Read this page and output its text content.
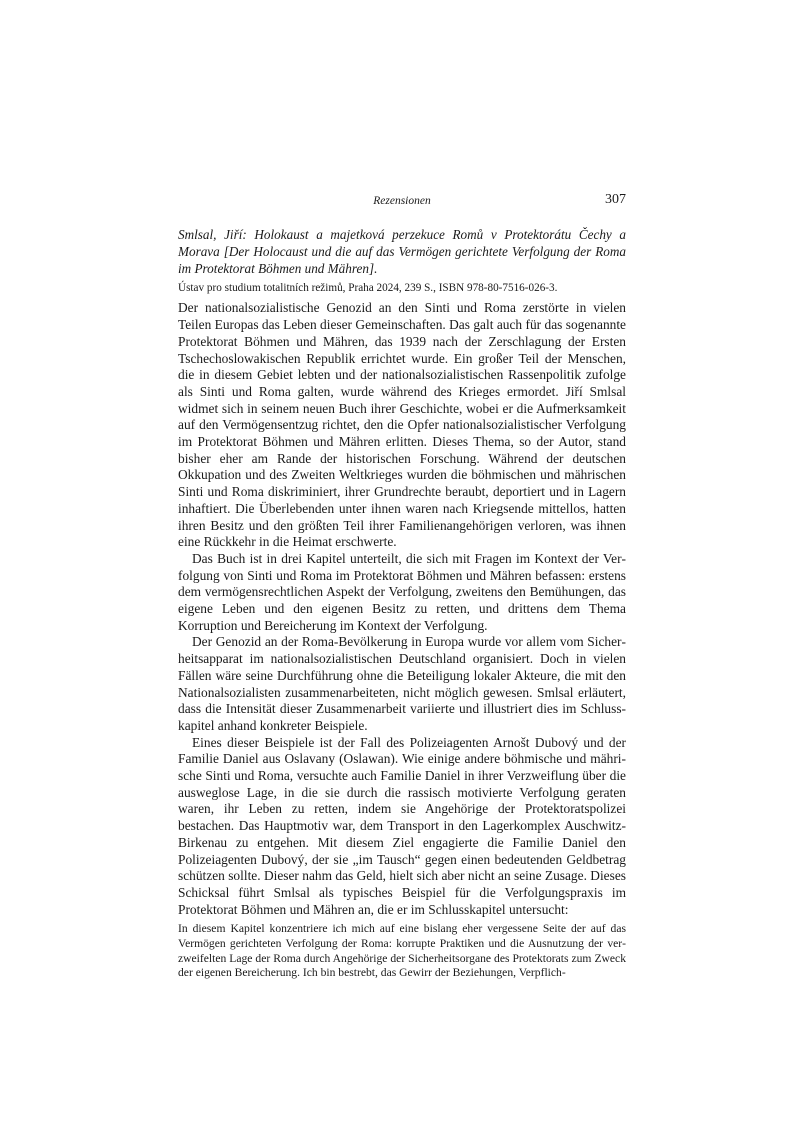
Rezensionen	307
Smlsal, Jiří: Holokaust a majetková perzekuce Romů v Protektorátu Čechy a Morava [Der Holocaust und die auf das Vermögen gerichtete Verfolgung der Roma im Protektorat Böhmen und Mähren].
Ústav pro studium totalitních režimů, Praha 2024, 239 S., ISBN 978-80-7516-026-3.

Der nationalsozialistische Genozid an den Sinti und Roma zerstörte in vielen Teilen Europas das Leben dieser Gemeinschaften. Das galt auch für das sogenannte Protektorat Böhmen und Mähren, das 1939 nach der Zerschlagung der Ersten Tschechoslowakischen Republik errichtet wurde. Ein großer Teil der Menschen, die in diesem Gebiet lebten und der nationalsozialistischen Rassenpolitik zufolge als Sinti und Roma galten, wurde während des Krieges ermordet. Jiří Smlsal widmet sich in seinem neuen Buch ihrer Geschichte, wobei er die Aufmerksamkeit auf den Vermögensentzug richtet, den die Opfer nationalsozialistischer Verfolgung im Protektorat Böhmen und Mähren erlitten. Dieses Thema, so der Autor, stand bisher eher am Rande der historischen Forschung. Während der deutschen Okkupation und des Zweiten Weltkrieges wurden die böhmischen und mährischen Sinti und Roma diskriminiert, ihrer Grundrechte beraubt, deportiert und in Lagern inhaftiert. Die Überlebenden unter ihnen waren nach Kriegsende mittellos, hatten ihren Besitz und den größten Teil ihrer Familienangehörigen verloren, was ihnen eine Rückkehr in die Heimat erschwerte.

Das Buch ist in drei Kapitel unterteilt, die sich mit Fragen im Kontext der Verfolgung von Sinti und Roma im Protektorat Böhmen und Mähren befassen: erstens dem vermögensrechtlichen Aspekt der Verfolgung, zweitens den Bemühungen, das eigene Leben und den eigenen Besitz zu retten, und drittens dem Thema Korruption und Bereicherung im Kontext der Verfolgung.

Der Genozid an der Roma-Bevölkerung in Europa wurde vor allem vom Sicherheitsapparat im nationalsozialistischen Deutschland organisiert. Doch in vielen Fällen wäre seine Durchführung ohne die Beteiligung lokaler Akteure, die mit den Nationalsozialisten zusammenarbeiteten, nicht möglich gewesen. Smlsal erläutert, dass die Intensität dieser Zusammenarbeit variierte und illustriert dies im Schlusskapitel anhand konkreter Beispiele.

Eines dieser Beispiele ist der Fall des Polizeiagenten Arnošt Dubový und der Familie Daniel aus Oslavany (Oslawan). Wie einige andere böhmische und mährische Sinti und Roma, versuchte auch Familie Daniel in ihrer Verzweiflung über die ausweglose Lage, in die sie durch die rassisch motivierte Verfolgung geraten waren, ihr Leben zu retten, indem sie Angehörige der Protektoratspolizei bestachen. Das Hauptmotiv war, dem Transport in den Lagerkomplex Auschwitz-Birkenau zu entgehen. Mit diesem Ziel engagierte die Familie Daniel den Polizeiagenten Dubový, der sie „im Tausch“ gegen einen bedeutenden Geldbetrag schützen sollte. Dieser nahm das Geld, hielt sich aber nicht an seine Zusage. Dieses Schicksal führt Smlsal als typisches Beispiel für die Verfolgungspraxis im Protektorat Böhmen und Mähren an, die er im Schlusskapitel untersucht:

In diesem Kapitel konzentriere ich mich auf eine bislang eher vergessene Seite der auf das Vermögen gerichteten Verfolgung der Roma: korrupte Praktiken und die Ausnutzung der verzweifelten Lage der Roma durch Angehörige der Sicherheitsorgane des Protektorats zum Zweck der eigenen Bereicherung. Ich bin bestrebt, das Gewirr der Beziehungen, Verpflich-
